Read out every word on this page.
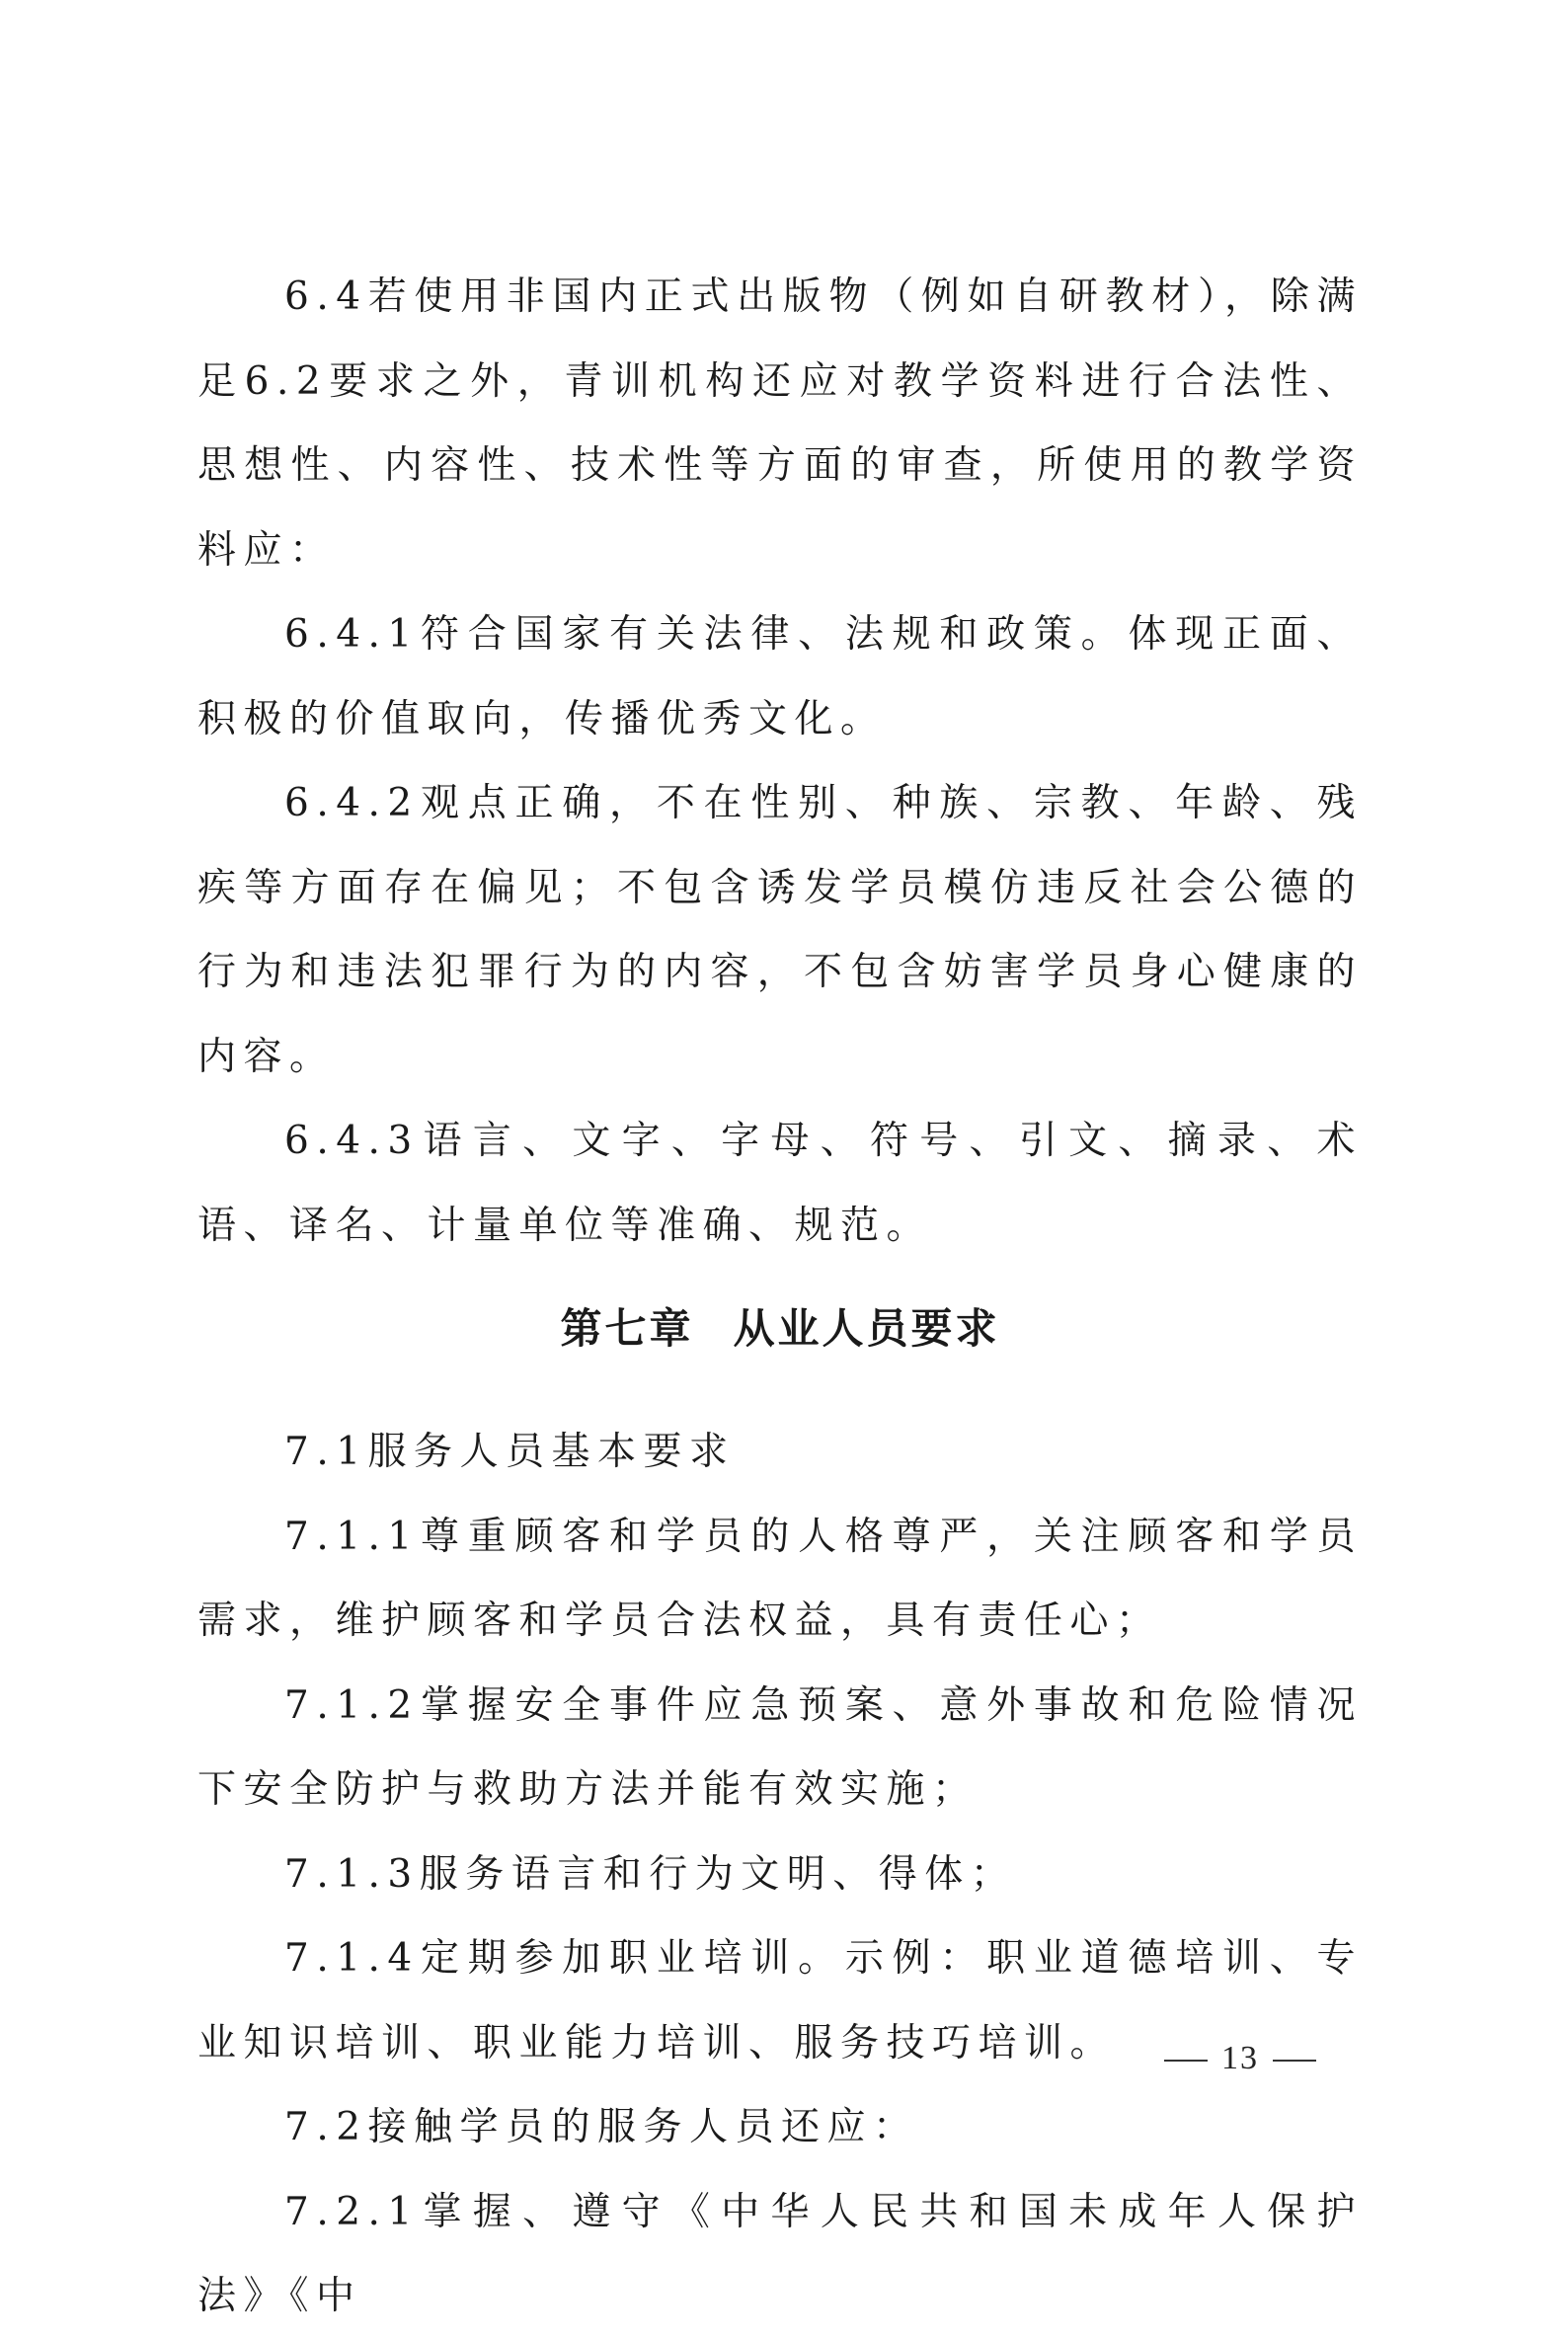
6.4若使用非国内正式出版物（例如自研教材），除满足6.2要求之外，青训机构还应对教学资料进行合法性、思想性、内容性、技术性等方面的审查，所使用的教学资料应：

6.4.1符合国家有关法律、法规和政策。体现正面、积极的价值取向，传播优秀文化。

6.4.2观点正确，不在性别、种族、宗教、年龄、残疾等方面存在偏见；不包含诱发学员模仿违反社会公德的行为和违法犯罪行为的内容，不包含妨害学员身心健康的内容。

6.4.3语言、文字、字母、符号、引文、摘录、术语、译名、计量单位等准确、规范。

第七章 从业人员要求

7.1服务人员基本要求

7.1.1尊重顾客和学员的人格尊严，关注顾客和学员需求，维护顾客和学员合法权益，具有责任心；

7.1.2掌握安全事件应急预案、意外事故和危险情况下安全防护与救助方法并能有效实施；

7.1.3服务语言和行为文明、得体；

7.1.4定期参加职业培训。示例：职业道德培训、专业知识培训、职业能力培训、服务技巧培训。

7.2接触学员的服务人员还应：

7.2.1掌握、遵守《中华人民共和国未成年人保护法》《中

13
